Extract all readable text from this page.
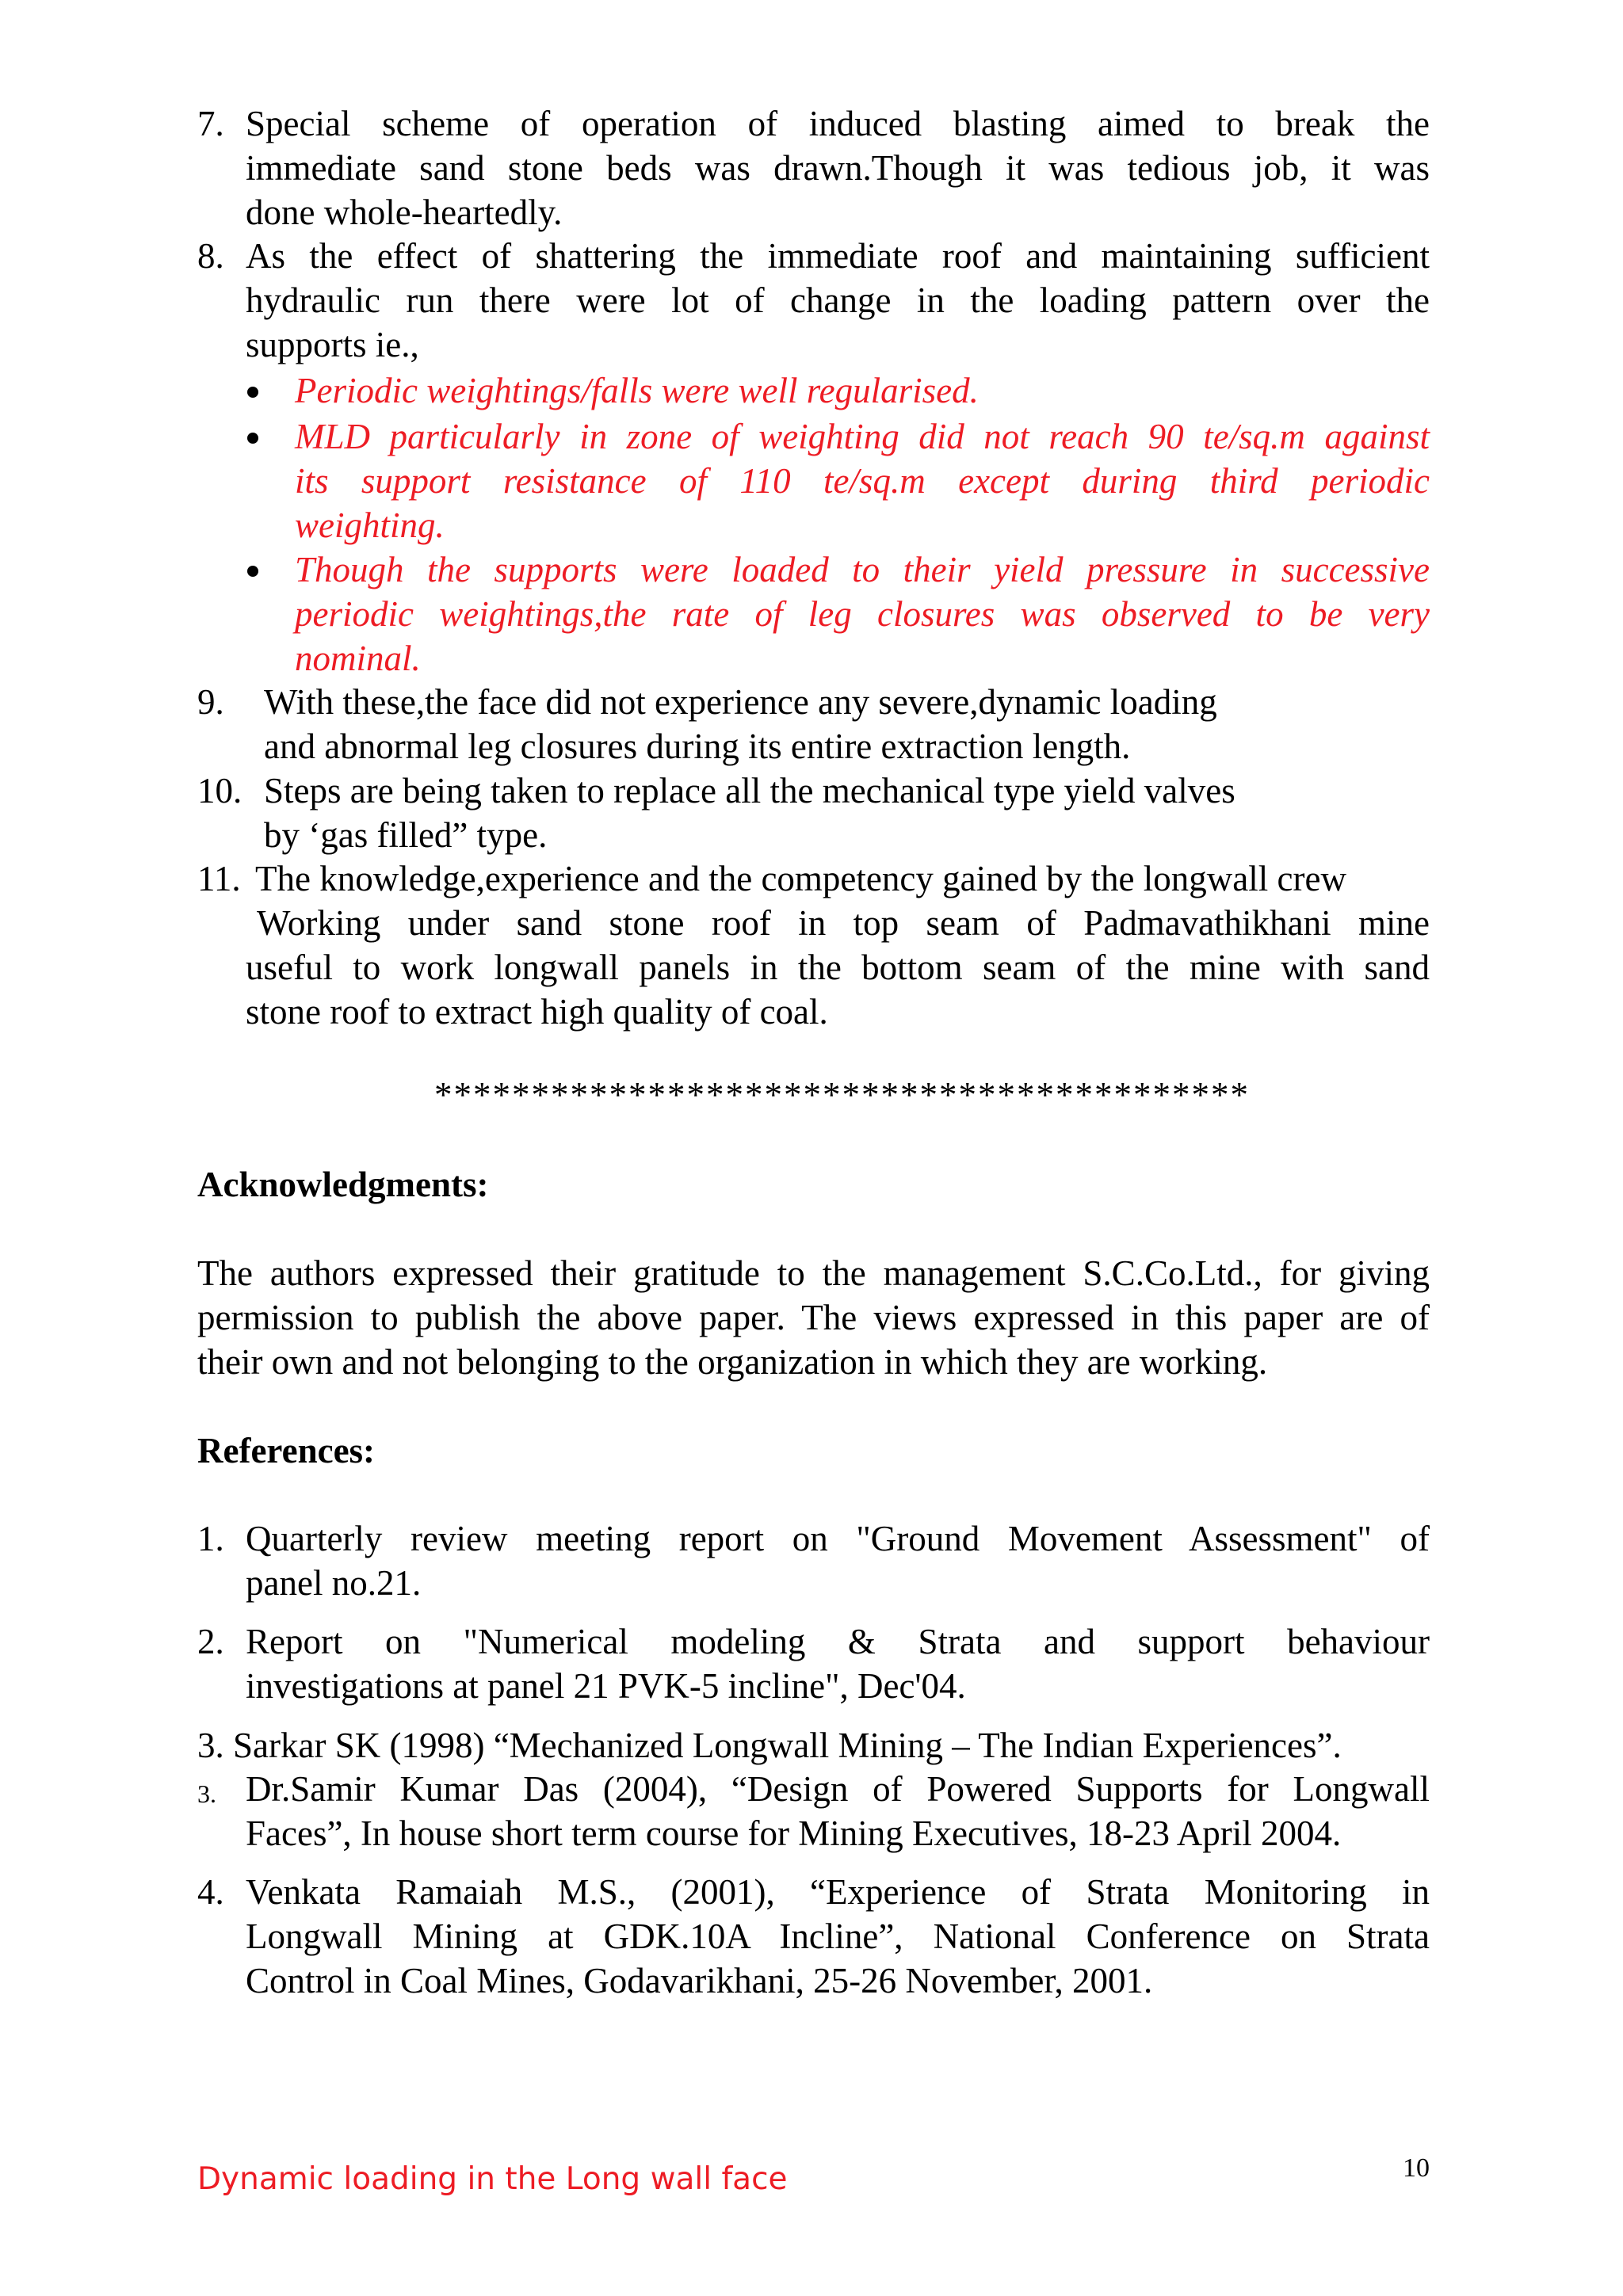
7. Special scheme of operation of induced blasting aimed to break the
immediate sand stone beds was drawn.Though it was tedious job, it was
done whole-heartedly.
8. As the effect of shattering the immediate roof and maintaining sufficient
hydraulic run there were lot of change in the loading pattern over the
supports ie.,
Periodic weightings/falls were well regularised.
MLD particularly in zone of weighting did not reach 90 te/sq.m against
its support resistance of 110 te/sq.m except during third periodic
weighting.
Though the supports were loaded to their yield pressure in successive
periodic weightings,the rate of leg closures was observed to be very
nominal.
9. With these,the face did not experience any severe,dynamic loading
and abnormal leg closures during its entire extraction length.
10. Steps are being taken to replace all the mechanical type yield valves
by ‘gas filled” type.
11. The knowledge,experience and the competency gained by the longwall crew
Working under sand stone roof in top seam of Padmavathikhani mine
useful to work longwall panels in the bottom seam of the mine with sand
stone roof to extract high quality of coal.
******************************************
Acknowledgments:
The authors expressed their gratitude to the management S.C.Co.Ltd., for giving
permission to publish the above paper. The views expressed in this paper are of
their own and not belonging to the organization in which they are working.
References:
1. Quarterly review meeting report on "Ground Movement Assessment" of
panel no.21.
2. Report on "Numerical modeling & Strata and support behaviour
investigations at panel 21 PVK-5 incline", Dec'04.
3. Sarkar SK (1998) “Mechanized Longwall Mining – The Indian Experiences”.
3. Dr.Samir Kumar Das (2004), “Design of Powered Supports for Longwall
Faces”, In house short term course for Mining Executives, 18-23 April 2004.
4. Venkata Ramaiah M.S., (2001), “Experience of Strata Monitoring in
Longwall Mining at GDK.10A Incline”, National Conference on Strata
Control in Coal Mines, Godavarikhani, 25-26 November, 2001.
Dynamic loading in the Long wall face	10
